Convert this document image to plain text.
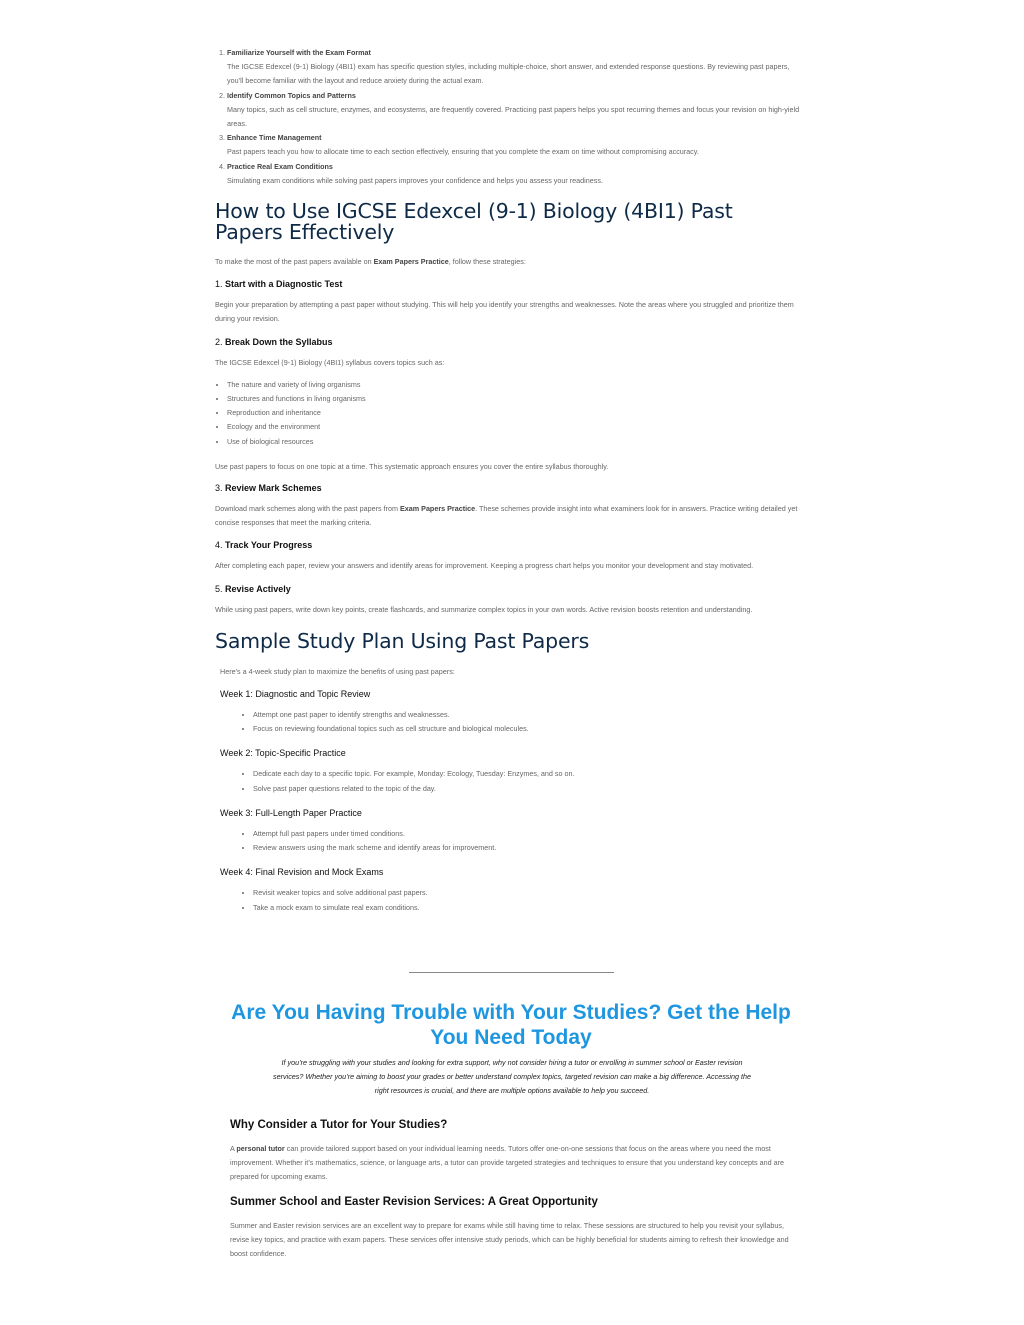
1. Familiarize Yourself with the Exam Format
The IGCSE Edexcel (9-1) Biology (4BI1) exam has specific question styles, including multiple-choice, short answer, and extended response questions. By reviewing past papers, you’ll become familiar with the layout and reduce anxiety during the actual exam.
2. Identify Common Topics and Patterns
Many topics, such as cell structure, enzymes, and ecosystems, are frequently covered. Practicing past papers helps you spot recurring themes and focus your revision on high-yield areas.
3. Enhance Time Management
Past papers teach you how to allocate time to each section effectively, ensuring that you complete the exam on time without compromising accuracy.
4. Practice Real Exam Conditions
Simulating exam conditions while solving past papers improves your confidence and helps you assess your readiness.
How to Use IGCSE Edexcel (9-1) Biology (4BI1) Past Papers Effectively

To make the most of the past papers available on Exam Papers Practice, follow these strategies:

1. Start with a Diagnostic Test

Begin your preparation by attempting a past paper without studying. This will help you identify your strengths and weaknesses. Note the areas where you struggled and prioritize them during your revision.

2. Break Down the Syllabus

The IGCSE Edexcel (9-1) Biology (4BI1) syllabus covers topics such as:

• The nature and variety of living organisms
• Structures and functions in living organisms
• Reproduction and inheritance
• Ecology and the environment
• Use of biological resources

Use past papers to focus on one topic at a time. This systematic approach ensures you cover the entire syllabus thoroughly.

3. Review Mark Schemes

Download mark schemes along with the past papers from Exam Papers Practice. These schemes provide insight into what examiners look for in answers. Practice writing detailed yet concise responses that meet the marking criteria.

4. Track Your Progress

After completing each paper, review your answers and identify areas for improvement. Keeping a progress chart helps you monitor your development and stay motivated.

5. Revise Actively

While using past papers, write down key points, create flashcards, and summarize complex topics in your own words. Active revision boosts retention and understanding.

Sample Study Plan Using Past Papers

Here’s a 4-week study plan to maximize the benefits of using past papers:

Week 1: Diagnostic and Topic Review

• Attempt one past paper to identify strengths and weaknesses.
• Focus on reviewing foundational topics such as cell structure and biological molecules.

Week 2: Topic-Specific Practice

• Dedicate each day to a specific topic. For example, Monday: Ecology, Tuesday: Enzymes, and so on.
• Solve past paper questions related to the topic of the day.

Week 3: Full-Length Paper Practice

• Attempt full past papers under timed conditions.
• Review answers using the mark scheme and identify areas for improvement.

Week 4: Final Revision and Mock Exams

• Revisit weaker topics and solve additional past papers.
• Take a mock exam to simulate real exam conditions.
Are You Having Trouble with Your Studies? Get the Help You Need Today

If you’re struggling with your studies and looking for extra support, why not consider hiring a tutor or enrolling in summer school or Easter revision services? Whether you’re aiming to boost your grades or better understand complex topics, targeted revision can make a big difference. Accessing the right resources is crucial, and there are multiple options available to help you succeed.

Why Consider a Tutor for Your Studies?

A personal tutor can provide tailored support based on your individual learning needs. Tutors offer one-on-one sessions that focus on the areas where you need the most improvement. Whether it’s mathematics, science, or language arts, a tutor can provide targeted strategies and techniques to ensure that you understand key concepts and are prepared for upcoming exams.

Summer School and Easter Revision Services: A Great Opportunity

Summer and Easter revision services are an excellent way to prepare for exams while still having time to relax. These sessions are structured to help you revisit your syllabus, revise key topics, and practice with exam papers. These services offer intensive study periods, which can be highly beneficial for students aiming to refresh their knowledge and boost confidence.
